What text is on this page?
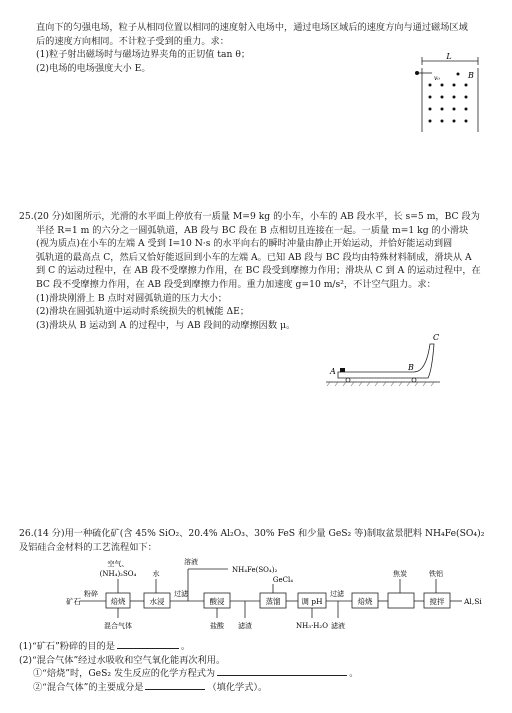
直向下的匀强电场，粒子从相同位置以相同的速度射入电场中，通过电场区域后的速度方向与通过磁场区域
后的速度方向相同。不计粒子受到的重力。求：
(1)粒子射出磁场时与磁场边界夹角的正切值 tan θ；
(2)电场的电场强度大小 E。
L
v₀	B
25.(20 分)如图所示，光滑的水平面上停放有一质量 M=9 kg 的小车，小车的 AB 段水平，长 s=5 m，BC 段为
半径 R=1 m 的六分之一圆弧轨道，AB 段与 BC 段在 B 点相切且连接在一起。一质量 m=1 kg 的小滑块
(视为质点)在小车的左端 A 受到 I=10 N·s 的水平向右的瞬时冲量由静止开始运动，并恰好能运动到圆
弧轨道的最高点 C，然后又恰好能返回到小车的左端 A。已知 AB 段与 BC 段均由特殊材料制成，滑块从 A
到 C 的运动过程中，在 AB 段不受摩擦力作用，在 BC 段受到摩擦力作用；滑块从 C 到 A 的运动过程中，在
BC 段不受摩擦力作用，在 AB 段受到摩擦力作用。重力加速度 g=10 m/s²，不计空气阻力。求：
(1)滑块刚滑上 B 点时对圆弧轨道的压力大小；
(2)滑块在圆弧轨道中运动时系统损失的机械能 ΔE；
(3)滑块从 B 运动到 A 的过程中，与 AB 段间的动摩擦因数 μ。
A	B
C
26.(14 分)用一种硫化矿(含 45% SiO₂、20.4% Al₂O₃、30% FeS 和少量 GeS₂ 等)制取盆景肥料 NH₄Fe(SO₄)₂
及铝硅合金材料的工艺流程如下：
矿石
粉碎
空气、
(NH₄)₂SO₄
焙烧
混合气体
水
水浸
过滤
溶液
NH₄Fe(SO₄)₂
酸浸
盐酸 滤渣
GeCl₄
蒸馏	调 pH
NH₃·H₂O
过滤
滤液
焙烧
焦炭	铁铝
搅拌	Al,Si
(1)“矿石”粉碎的目的是	。
(2)“混合气体”经过水吸收和空气氧化能再次利用。
①“焙烧”时，GeS₂ 发生反应的化学方程式为	。
②“混合气体”的主要成分是	（填化学式）。
